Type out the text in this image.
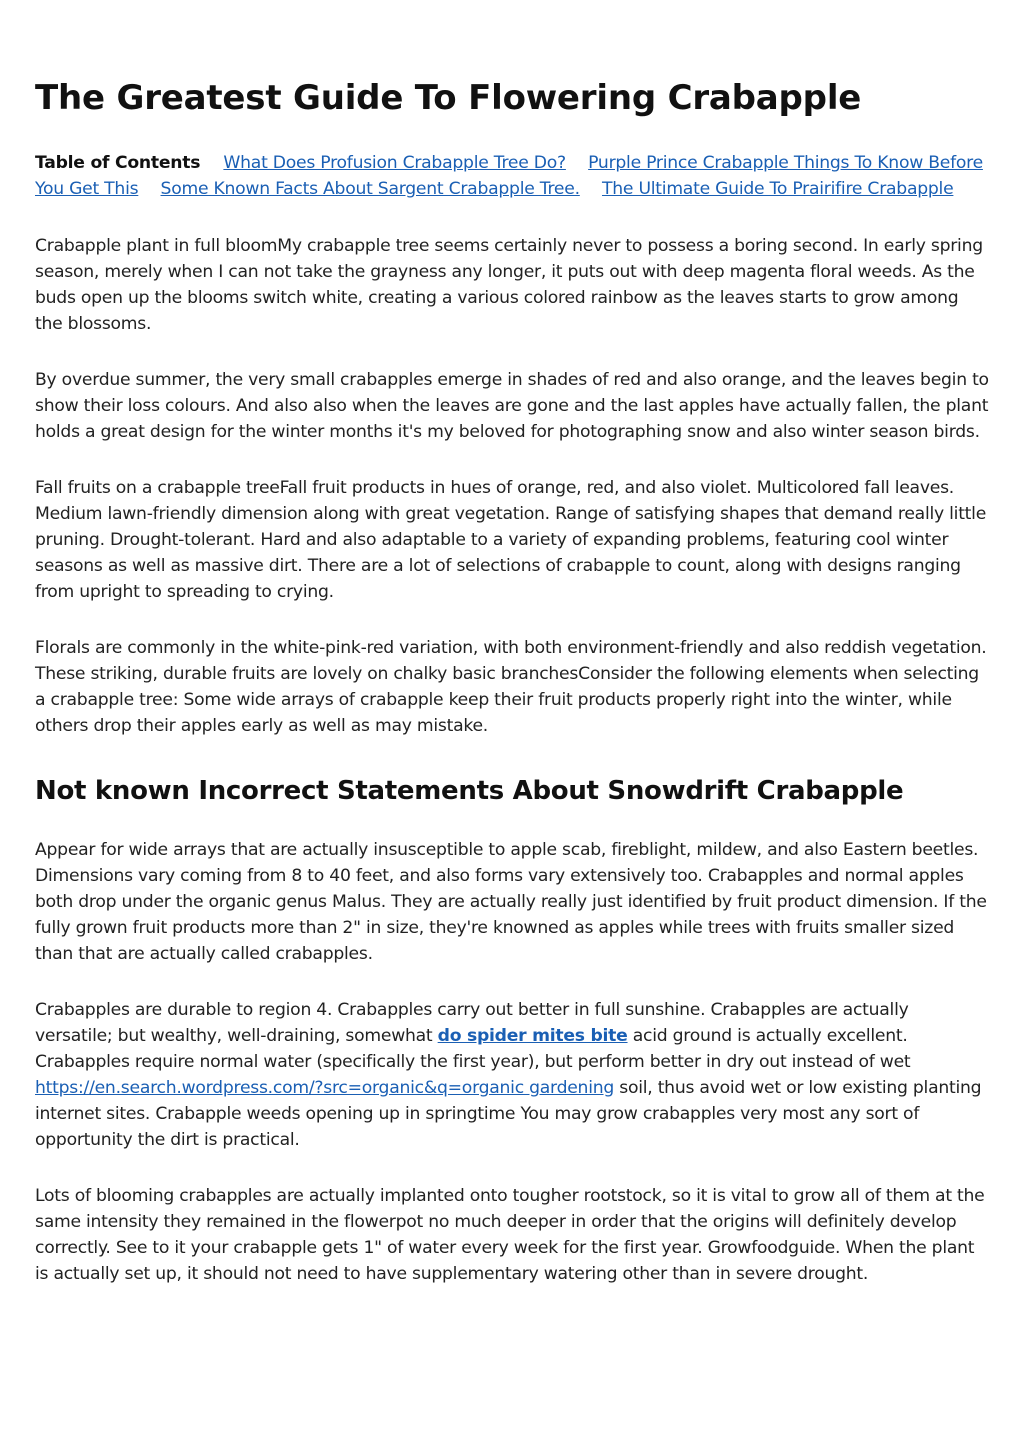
The Greatest Guide To Flowering Crabapple
Table of Contents What Does Profusion Crabapple Tree Do? Purple Prince Crabapple Things To Know Before You Get This Some Known Facts About Sargent Crabapple Tree. The Ultimate Guide To Prairifire Crabapple

Crabapple plant in full bloomMy crabapple tree seems certainly never to possess a boring second. In early spring season, merely when I can not take the grayness any longer, it puts out with deep magenta floral weeds. As the buds open up the blooms switch white, creating a various colored rainbow as the leaves starts to grow among the blossoms.

By overdue summer, the very small crabapples emerge in shades of red and also orange, and the leaves begin to show their loss colours. And also also when the leaves are gone and the last apples have actually fallen, the plant holds a great design for the winter months it's my beloved for photographing snow and also winter season birds.

Fall fruits on a crabapple treeFall fruit products in hues of orange, red, and also violet. Multicolored fall leaves. Medium lawn-friendly dimension along with great vegetation. Range of satisfying shapes that demand really little pruning. Drought-tolerant. Hard and also adaptable to a variety of expanding problems, featuring cool winter seasons as well as massive dirt. There are a lot of selections of crabapple to count, along with designs ranging from upright to spreading to crying.

Florals are commonly in the white-pink-red variation, with both environment-friendly and also reddish vegetation. These striking, durable fruits are lovely on chalky basic branchesConsider the following elements when selecting a crabapple tree: Some wide arrays of crabapple keep their fruit products properly right into the winter, while others drop their apples early as well as may mistake.

Not known Incorrect Statements About Snowdrift Crabapple

Appear for wide arrays that are actually insusceptible to apple scab, fireblight, mildew, and also Eastern beetles. Dimensions vary coming from 8 to 40 feet, and also forms vary extensively too. Crabapples and normal apples both drop under the organic genus Malus. They are actually really just identified by fruit product dimension. If the fully grown fruit products more than 2" in size, they're knowned as apples while trees with fruits smaller sized than that are actually called crabapples.

Crabapples are durable to region 4. Crabapples carry out better in full sunshine. Crabapples are actually versatile; but wealthy, well-draining, somewhat do spider mites bite acid ground is actually excellent. Crabapples require normal water (specifically the first year), but perform better in dry out instead of wet https://en.search.wordpress.com/?src=organic&q=organic gardening soil, thus avoid wet or low existing planting internet sites. Crabapple weeds opening up in springtime You may grow crabapples very most any sort of opportunity the dirt is practical.

Lots of blooming crabapples are actually implanted onto tougher rootstock, so it is vital to grow all of them at the same intensity they remained in the flowerpot no much deeper in order that the origins will definitely develop correctly. See to it your crabapple gets 1" of water every week for the first year. Growfoodguide. When the plant is actually set up, it should not need to have supplementary watering other than in severe drought.
